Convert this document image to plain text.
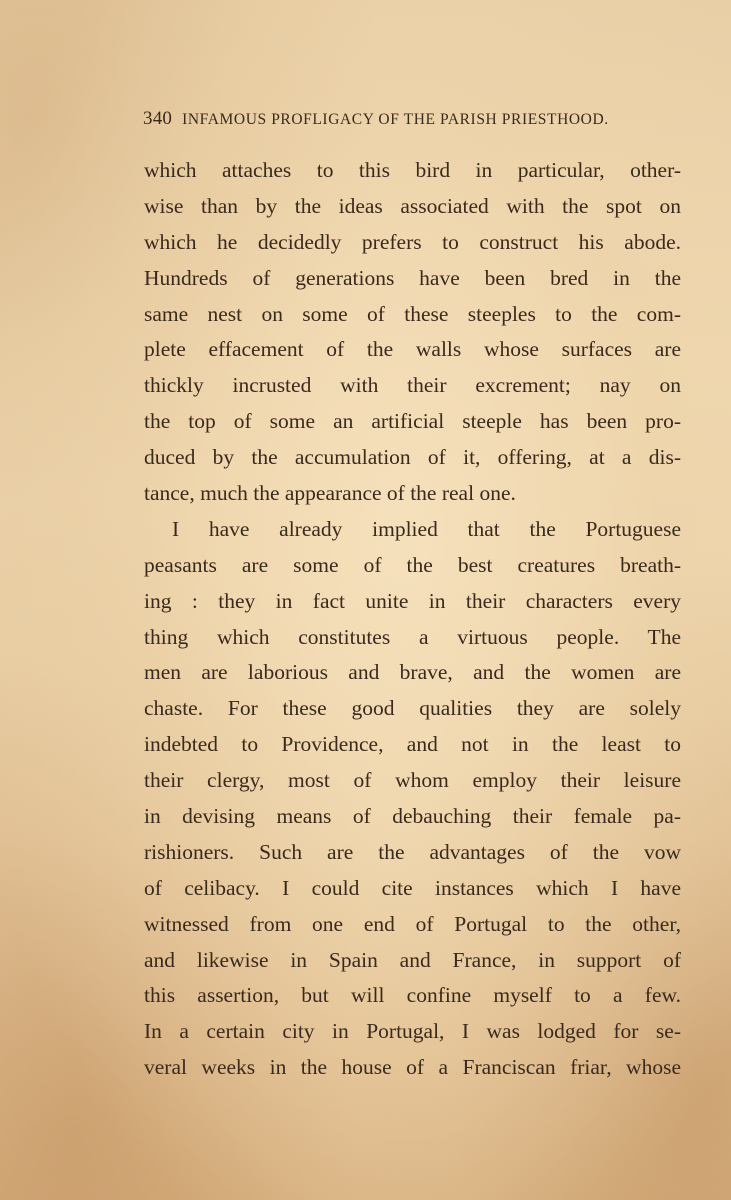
340 INFAMOUS PROFLIGACY OF THE PARISH PRIESTHOOD.
which attaches to this bird in particular, other-
wise than by the ideas associated with the spot on
which he decidedly prefers to construct his abode.
Hundreds of generations have been bred in the
same nest on some of these steeples to the com-
plete effacement of the walls whose surfaces are
thickly incrusted with their excrement; nay on
the top of some an artificial steeple has been pro-
duced by the accumulation of it, offering, at a dis-
tance, much the appearance of the real one.
I have already implied that the Portuguese
peasants are some of the best creatures breath-
ing : they in fact unite in their characters every
thing which constitutes a virtuous people. The
men are laborious and brave, and the women are
chaste. For these good qualities they are solely
indebted to Providence, and not in the least to
their clergy, most of whom employ their leisure
in devising means of debauching their female pa-
rishioners. Such are the advantages of the vow
of celibacy. I could cite instances which I have
witnessed from one end of Portugal to the other,
and likewise in Spain and France, in support of
this assertion, but will confine myself to a few.
In a certain city in Portugal, I was lodged for se-
veral weeks in the house of a Franciscan friar, whose
